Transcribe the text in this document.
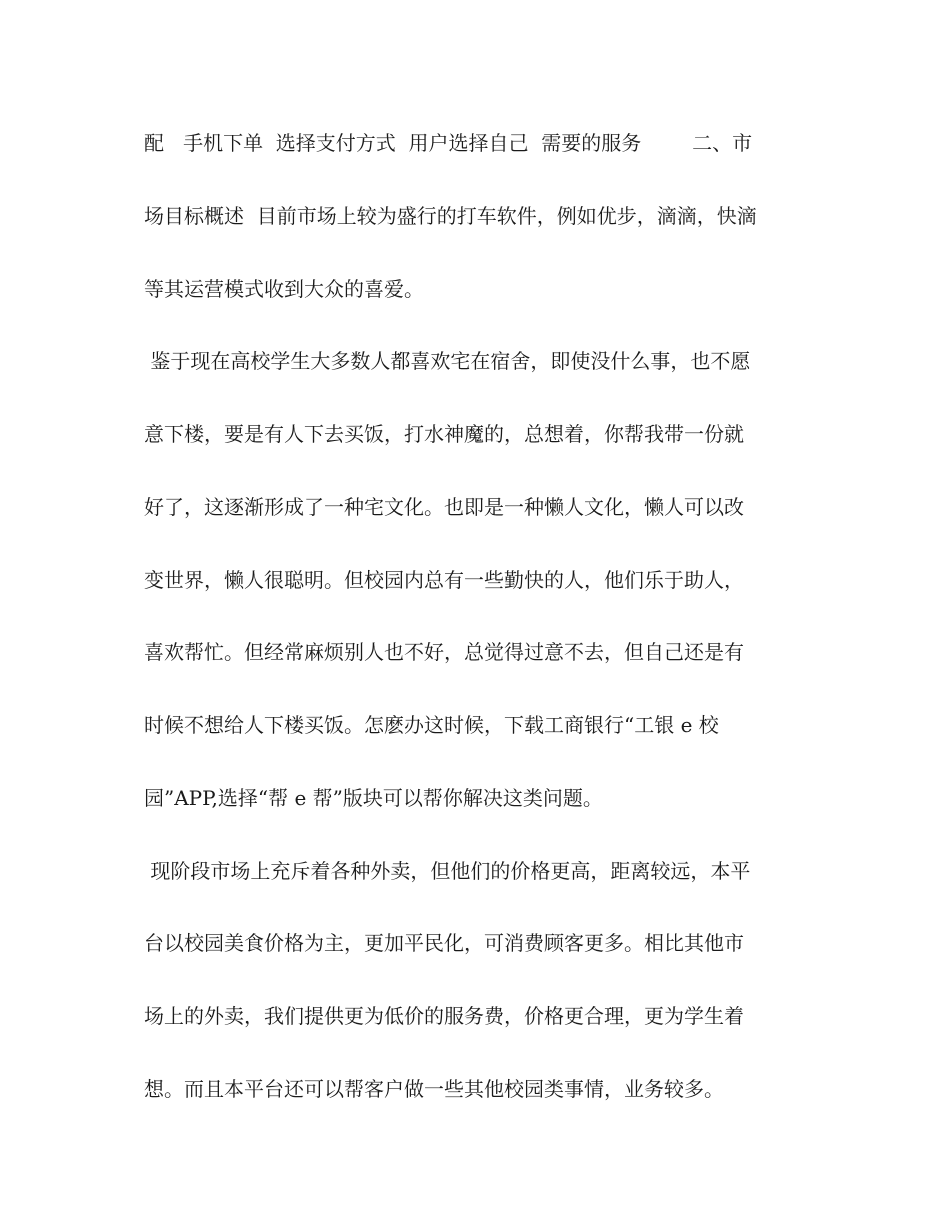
配   手机下单  选择支付方式  用户选择自己  需要的服务        二、市
场目标概述  目前市场上较为盛行的打车软件，例如优步，滴滴，快滴
等其运营模式收到大众的喜爱。
鉴于现在高校学生大多数人都喜欢宅在宿舍，即使没什么事，也不愿
意下楼，要是有人下去买饭，打水神魔的，总想着，你帮我带一份就
好了，这逐渐形成了一种宅文化。也即是一种懒人文化，懒人可以改
变世界，懒人很聪明。但校园内总有一些勤快的人，他们乐于助人，
喜欢帮忙。但经常麻烦别人也不好，总觉得过意不去，但自己还是有
时候不想给人下楼买饭。怎麽办这时候，下载工商银行“工银 e 校
园”APP,选择“帮 e 帮”版块可以帮你解决这类问题。
现阶段市场上充斥着各种外卖，但他们的价格更高，距离较远，本平
台以校园美食价格为主，更加平民化，可消费顾客更多。相比其他市
场上的外卖，我们提供更为低价的服务费，价格更合理，更为学生着
想。而且本平台还可以帮客户做一些其他校园类事情，业务较多。
